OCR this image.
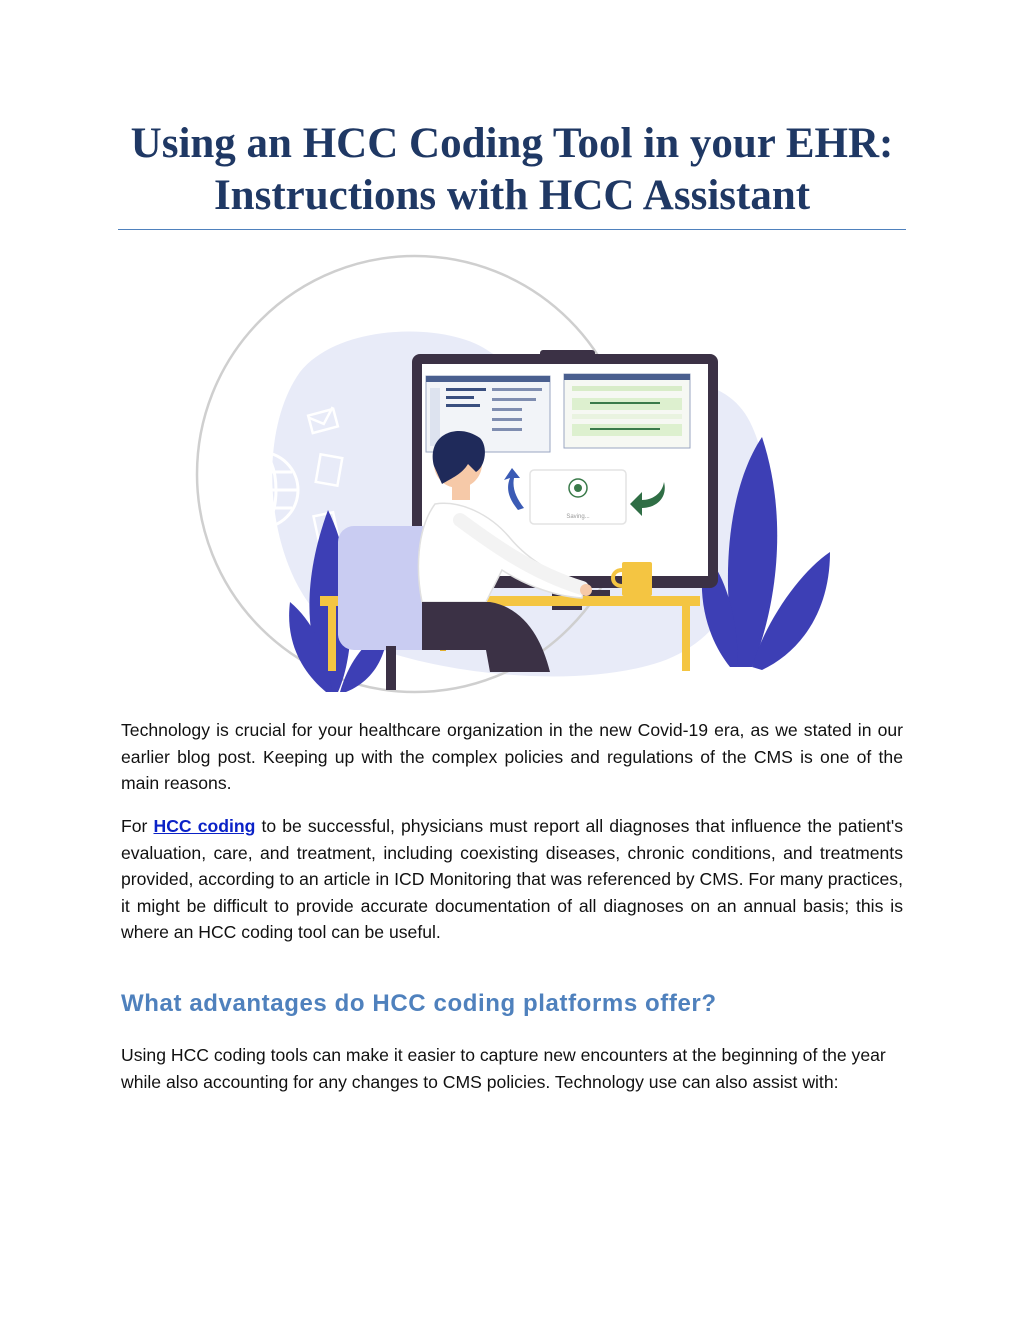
Using an HCC Coding Tool in your EHR:
Instructions with HCC Assistant
Saving...

Technology is crucial for your healthcare organization in the new Covid-19 era, as we stated in our earlier blog post. Keeping up with the complex policies and regulations of the CMS is one of the main reasons.

For HCC coding to be successful, physicians must report all diagnoses that influence the patient's evaluation, care, and treatment, including coexisting diseases, chronic conditions, and treatments provided, according to an article in ICD Monitoring that was referenced by CMS. For many practices, it might be difficult to provide accurate documentation of all diagnoses on an annual basis; this is where an HCC coding tool can be useful.

What advantages do HCC coding platforms offer?

Using HCC coding tools can make it easier to capture new encounters at the beginning of the year while also accounting for any changes to CMS policies. Technology use can also assist with:
